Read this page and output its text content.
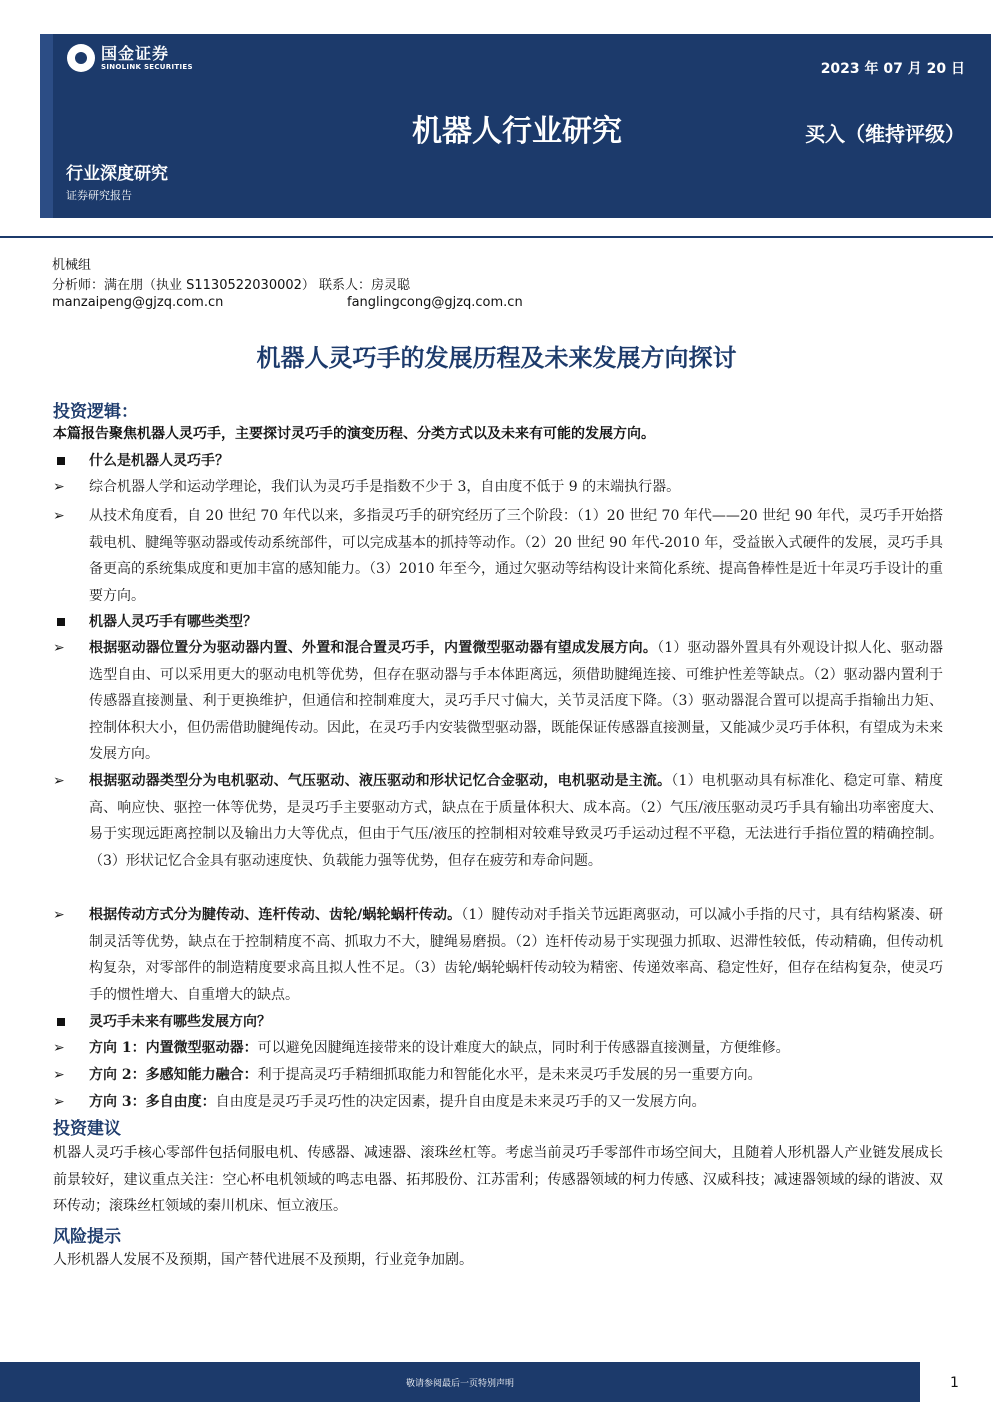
国金证券
SINOLINK SECURITIES	2023 年 07 月 20 日
机器人行业研究	买入（维持评级）
行业深度研究
证券研究报告
机械组
分析师：满在朋（执业 S1130522030002） 联系人：房灵聪
manzaipeng@gjzq.com.cn	fanglingcong@gjzq.com.cn
机器人灵巧手的发展历程及未来发展方向探讨
投资逻辑：
本篇报告聚焦机器人灵巧手，主要探讨灵巧手的演变历程、分类方式以及未来有可能的发展方向。
什么是机器人灵巧手？
➢	综合机器人学和运动学理论，我们认为灵巧手是指数不少于 3，自由度不低于 9 的末端执行器。
➢	从技术角度看，自 20 世纪 70 年代以来，多指灵巧手的研究经历了三个阶段：（1）20 世纪 70 年代——20 世纪 90 年代，灵巧手开始搭载电机、腱绳等驱动器或传动系统部件，可以完成基本的抓持等动作。（2）20 世纪 90 年代-2010 年，受益嵌入式硬件的发展，灵巧手具备更高的系统集成度和更加丰富的感知能力。（3）2010 年至今，通过欠驱动等结构设计来简化系统、提高鲁棒性是近十年灵巧手设计的重要方向。
机器人灵巧手有哪些类型？
➢	根据驱动器位置分为驱动器内置、外置和混合置灵巧手，内置微型驱动器有望成发展方向。（1）驱动器外置具有外观设计拟人化、驱动器选型自由、可以采用更大的驱动电机等优势，但存在驱动器与手本体距离远，须借助腱绳连接、可维护性差等缺点。（2）驱动器内置利于传感器直接测量、利于更换维护，但通信和控制难度大，灵巧手尺寸偏大，关节灵活度下降。（3）驱动器混合置可以提高手指输出力矩、控制体积大小，但仍需借助腱绳传动。因此，在灵巧手内安装微型驱动器，既能保证传感器直接测量，又能减少灵巧手体积，有望成为未来发展方向。
➢	根据驱动器类型分为电机驱动、气压驱动、液压驱动和形状记忆合金驱动，电机驱动是主流。（1）电机驱动具有标准化、稳定可靠、精度高、响应快、驱控一体等优势，是灵巧手主要驱动方式，缺点在于质量体积大、成本高。（2）气压/液压驱动灵巧手具有输出功率密度大、易于实现远距离控制以及输出力大等优点，但由于气压/液压的控制相对较难导致灵巧手运动过程不平稳，无法进行手指位置的精确控制。（3）形状记忆合金具有驱动速度快、负载能力强等优势，但存在疲劳和寿命问题。
➢	根据传动方式分为腱传动、连杆传动、齿轮/蜗轮蜗杆传动。（1）腱传动对手指关节远距离驱动，可以减小手指的尺寸，具有结构紧凑、研制灵活等优势，缺点在于控制精度不高、抓取力不大，腱绳易磨损。（2）连杆传动易于实现强力抓取、迟滞性较低，传动精确，但传动机构复杂，对零部件的制造精度要求高且拟人性不足。（3）齿轮/蜗轮蜗杆传动较为精密、传递效率高、稳定性好，但存在结构复杂，使灵巧手的惯性增大、自重增大的缺点。
灵巧手未来有哪些发展方向？
➢	方向 1：内置微型驱动器：可以避免因腱绳连接带来的设计难度大的缺点，同时利于传感器直接测量，方便维修。
➢	方向 2：多感知能力融合：利于提高灵巧手精细抓取能力和智能化水平，是未来灵巧手发展的另一重要方向。
➢	方向 3：多自由度：自由度是灵巧手灵巧性的决定因素，提升自由度是未来灵巧手的又一发展方向。
投资建议
机器人灵巧手核心零部件包括伺服电机、传感器、减速器、滚珠丝杠等。考虑当前灵巧手零部件市场空间大，且随着人形机器人产业链发展成长前景较好，建议重点关注：空心杯电机领域的鸣志电器、拓邦股份、江苏雷利；传感器领域的柯力传感、汉威科技；减速器领域的绿的谐波、双环传动；滚珠丝杠领域的秦川机床、恒立液压。
风险提示
人形机器人发展不及预期，国产替代进展不及预期，行业竞争加剧。
敬请参阅最后一页特别声明	1
